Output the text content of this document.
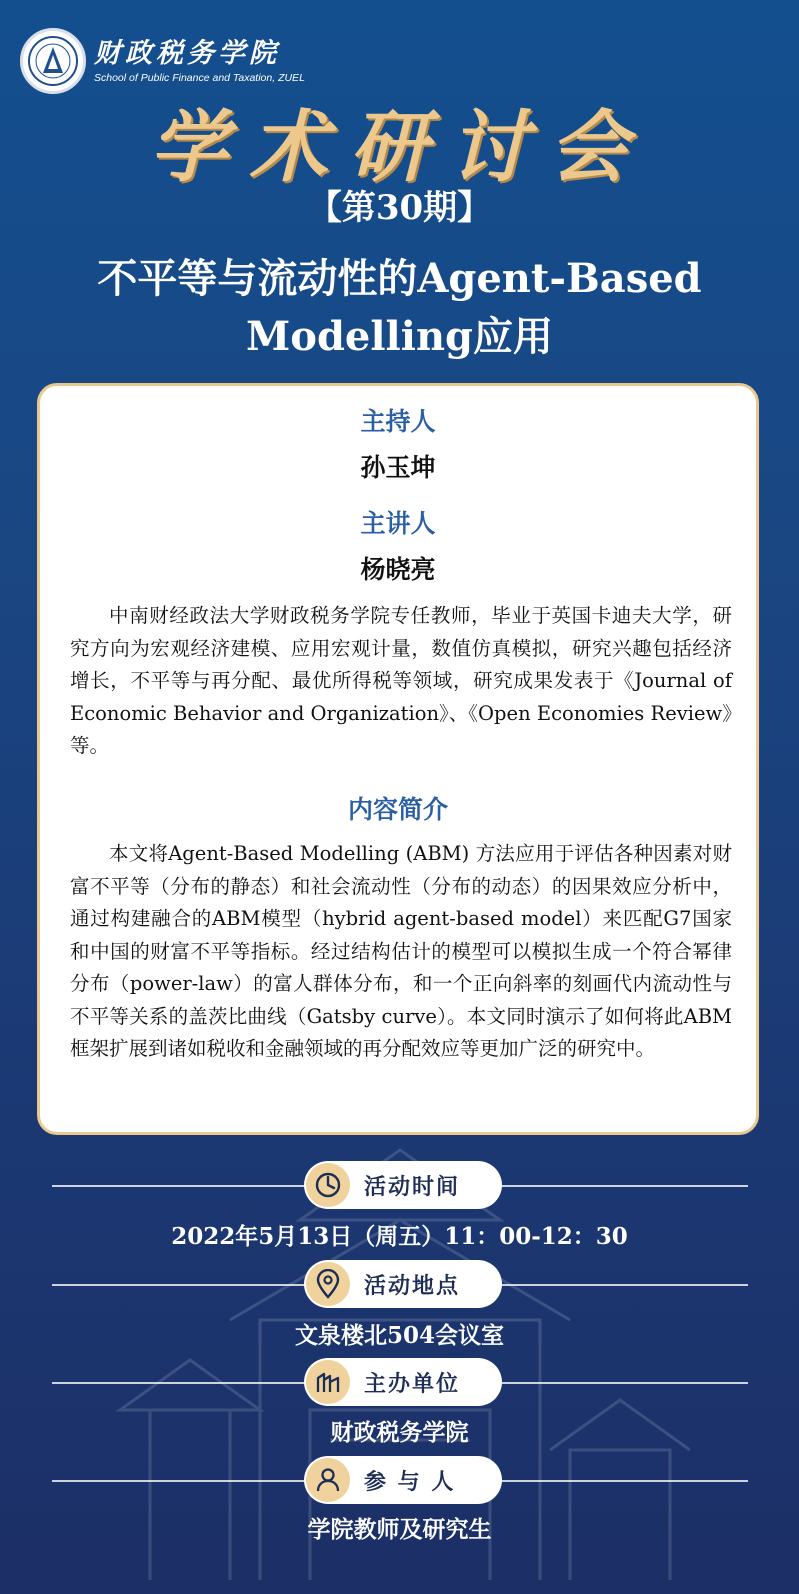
财政税务学院
School of Public Finance and Taxation, ZUEL
学术研讨会
【第30期】
不平等与流动性的Agent-Based
Modelling应用
主持人
孙玉坤
主讲人
杨晓亮
中南财经政法大学财政税务学院专任教师，毕业于英国卡迪夫大学，研究方向为宏观经济建模、应用宏观计量，数值仿真模拟，研究兴趣包括经济增长，不平等与再分配、最优所得税等领域，研究成果发表于《Journal of Economic Behavior and Organization》、《Open Economies Review》等。
内容简介
本文将Agent-Based Modelling (ABM) 方法应用于评估各种因素对财富不平等（分布的静态）和社会流动性（分布的动态）的因果效应分析中，通过构建融合的ABM模型（hybrid agent-based model）来匹配G7国家和中国的财富不平等指标。经过结构估计的模型可以模拟生成一个符合幂律分布（power-law）的富人群体分布，和一个正向斜率的刻画代内流动性与不平等关系的盖茨比曲线（Gatsby curve）。本文同时演示了如何将此ABM框架扩展到诸如税收和金融领域的再分配效应等更加广泛的研究中。
活动时间
2022年5月13日（周五）11：00-12：30
活动地点
文泉楼北504会议室
主办单位
财政税务学院
参 与 人
学院教师及研究生
